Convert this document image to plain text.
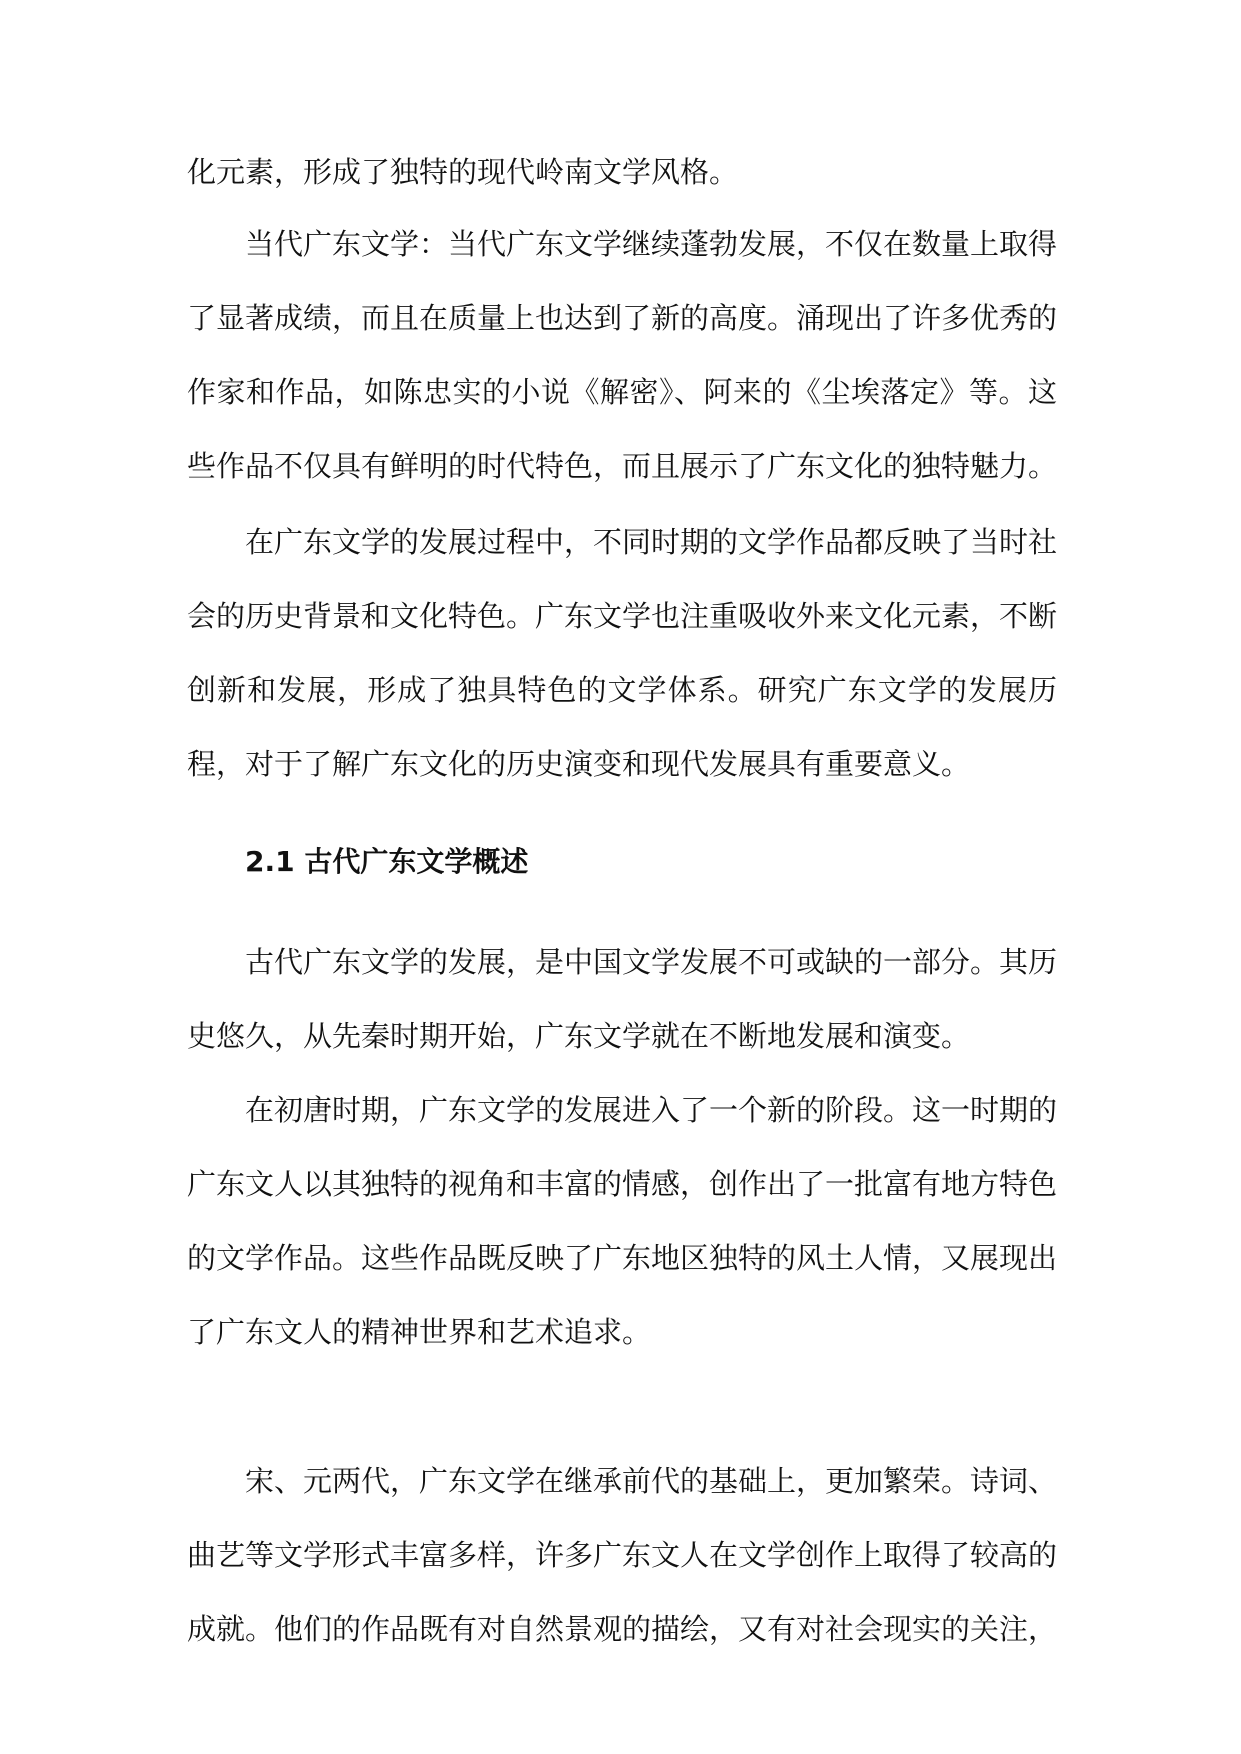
化元素，形成了独特的现代岭南文学风格。

当代广东文学：当代广东文学继续蓬勃发展，不仅在数量上取得了显著成绩，而且在质量上也达到了新的高度。涌现出了许多优秀的作家和作品，如陈忠实的小说《解密》、阿来的《尘埃落定》等。这些作品不仅具有鲜明的时代特色，而且展示了广东文化的独特魅力。

在广东文学的发展过程中，不同时期的文学作品都反映了当时社会的历史背景和文化特色。广东文学也注重吸收外来文化元素，不断创新和发展，形成了独具特色的文学体系。研究广东文学的发展历程，对于了解广东文化的历史演变和现代发展具有重要意义。

2.1 古代广东文学概述

古代广东文学的发展，是中国文学发展不可或缺的一部分。其历史悠久，从先秦时期开始，广东文学就在不断地发展和演变。

在初唐时期，广东文学的发展进入了一个新的阶段。这一时期的广东文人以其独特的视角和丰富的情感，创作出了一批富有地方特色的文学作品。这些作品既反映了广东地区独特的风土人情，又展现出了广东文人的精神世界和艺术追求。

宋、元两代，广东文学在继承前代的基础上，更加繁荣。诗词、曲艺等文学形式丰富多样，许多广东文人在文学创作上取得了较高的成就。他们的作品既有对自然景观的描绘，又有对社会现实的关注，
